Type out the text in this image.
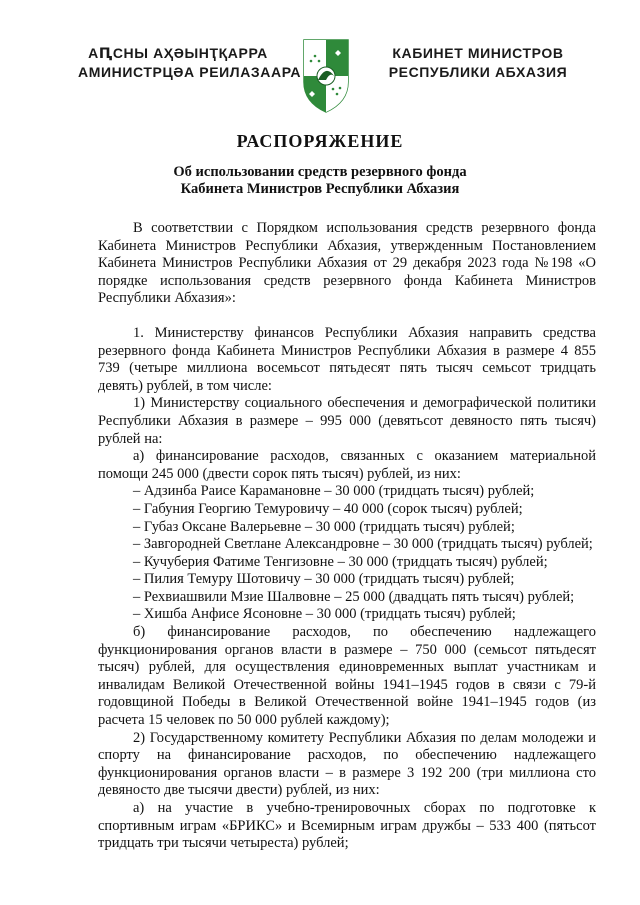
АԤСНЫ АҲӘЫНҬҚАРРА
АМИНИСТРЦӘА РЕИЛАЗААРА
КАБИНЕТ МИНИСТРОВ
РЕСПУБЛИКИ АБХАЗИЯ
РАСПОРЯЖЕНИЕ
Об использовании средств резервного фонда
Кабинета Министров Республики Абхазия

В соответствии с Порядком использования средств резервного фонда Кабинета Министров Республики Абхазия, утвержденным Постановлением Кабинета Министров Республики Абхазия от 29 декабря 2023 года №198 «О порядке использования средств резервного фонда Кабинета Министров Республики Абхазия»:

1. Министерству финансов Республики Абхазия направить средства резервного фонда Кабинета Министров Республики Абхазия в размере 4 855 739 (четыре миллиона восемьсот пятьдесят пять тысяч семьсот тридцать девять) рублей, в том числе:

1) Министерству социального обеспечения и демографической политики Республики Абхазия в размере – 995 000 (девятьсот девяносто пять тысяч) рублей на:

а) финансирование расходов, связанных с оказанием материальной помощи 245 000 (двести сорок пять тысяч) рублей, из них:

– Адзинба Раисе Карамановне – 30 000 (тридцать тысяч) рублей;

– Габуния Георгию Темуровичу – 40 000 (сорок тысяч) рублей;

– Губаз Оксане Валерьевне – 30 000 (тридцать тысяч) рублей;

– Завгородней Светлане Александровне – 30 000 (тридцать тысяч) рублей;

– Кучуберия Фатиме Тенгизовне – 30 000 (тридцать тысяч) рублей;

– Пилия Темуру Шотовичу – 30 000 (тридцать тысяч) рублей;

– Рехвиашвили Мзие Шалвовне – 25 000 (двадцать пять тысяч) рублей;

– Хишба Анфисе Ясоновне – 30 000 (тридцать тысяч) рублей;

б) финансирование расходов, по обеспечению надлежащего функционирования органов власти в размере – 750 000 (семьсот пятьдесят тысяч) рублей, для осуществления единовременных выплат участникам и инвалидам Великой Отечественной войны 1941–1945 годов в связи с 79-й годовщиной Победы в Великой Отечественной войне 1941–1945 годов (из расчета 15 человек по 50 000 рублей каждому);

2) Государственному комитету Республики Абхазия по делам молодежи и спорту на финансирование расходов, по обеспечению надлежащего функционирования органов власти – в размере 3 192 200 (три миллиона сто девяносто две тысячи двести) рублей, из них:

а) на участие в учебно-тренировочных сборах по подготовке к спортивным играм «БРИКС» и Всемирным играм дружбы – 533 400 (пятьсот тридцать три тысячи четыреста) рублей;
